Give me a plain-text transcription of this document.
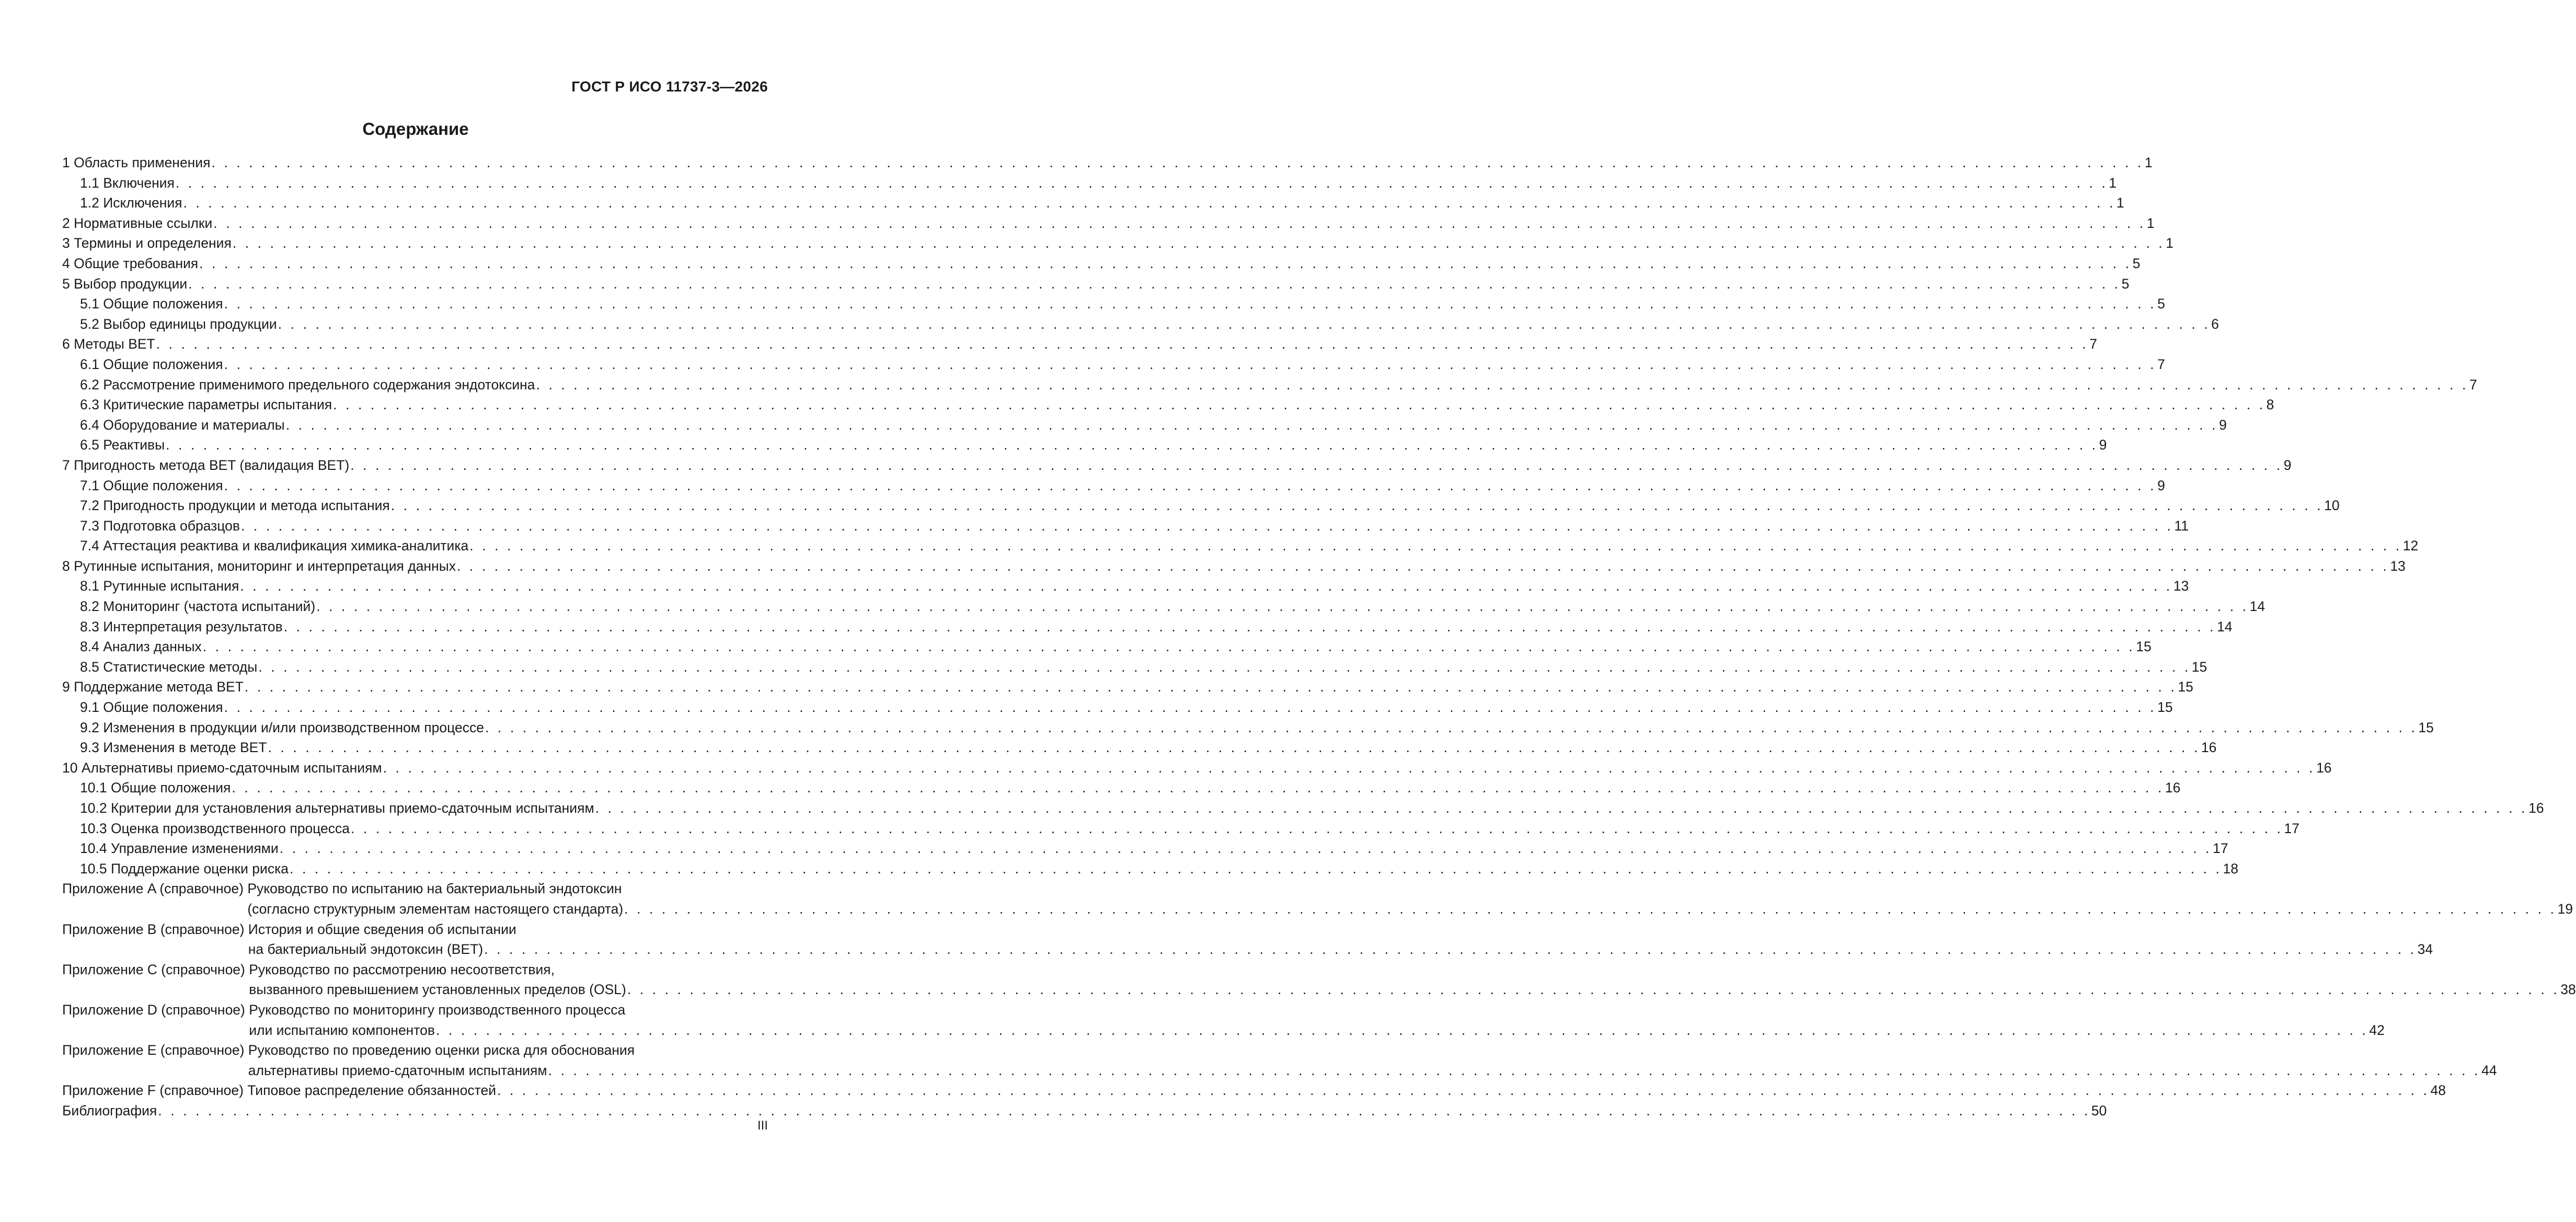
ГОСТ Р ИСО 11737-3—2026
Содержание
1 Область применения . . .	1
1.1 Включения . . .	1
1.2 Исключения . . .	1
2 Нормативные ссылки . . .	1
3 Термины и определения . . .	1
4 Общие требования . . .	5
5 Выбор продукции . . .	5
5.1 Общие положения . . .	5
5.2 Выбор единицы продукции . . .	6
6 Методы BET . . .	7
6.1 Общие положения . . .	7
6.2 Рассмотрение применимого предельного содержания эндотоксина . . .	7
6.3 Критические параметры испытания . . .	8
6.4 Оборудование и материалы . . .	9
6.5 Реактивы . . .	9
7 Пригодность метода BET (валидация BET) . . .	9
7.1 Общие положения . . .	9
7.2 Пригодность продукции и метода испытания . . .	10
7.3 Подготовка образцов . . .	11
7.4 Аттестация реактива и квалификация химика-аналитика . . .	12
8 Рутинные испытания, мониторинг и интерпретация данных . . .	13
8.1 Рутинные испытания . . .	13
8.2 Мониторинг (частота испытаний) . . .	14
8.3 Интерпретация результатов . . .	14
8.4 Анализ данных . . .	15
8.5 Статистические методы . . .	15
9 Поддержание метода BET . . .	15
9.1 Общие положения . . .	15
9.2 Изменения в продукции и/или производственном процессе . . .	15
9.3 Изменения в методе BET . . .	16
10 Альтернативы приемо-сдаточным испытаниям . . .	16
10.1 Общие положения . . .	16
10.2 Критерии для установления альтернативы приемо-сдаточным испытаниям . . .	16
10.3 Оценка производственного процесса . . .	17
10.4 Управление изменениями . . .	17
10.5 Поддержание оценки риска . . .	18
Приложение A (справочное) Руководство по испытанию на бактериальный эндотоксин
(согласно структурным элементам настоящего стандарта) . . .	19
Приложение B (справочное) История и общие сведения об испытании
на бактериальный эндотоксин (BET) . . .	34
Приложение C (справочное) Руководство по рассмотрению несоответствия,
вызванного превышением установленных пределов (OSL) . . .	38
Приложение D (справочное) Руководство по мониторингу производственного процесса
или испытанию компонентов . . .	42
Приложение E (справочное) Руководство по проведению оценки риска для обоснования
альтернативы приемо-сдаточным испытаниям . . .	44
Приложение F (справочное) Типовое распределение обязанностей . . .	48
Библиография . . .	50
III
